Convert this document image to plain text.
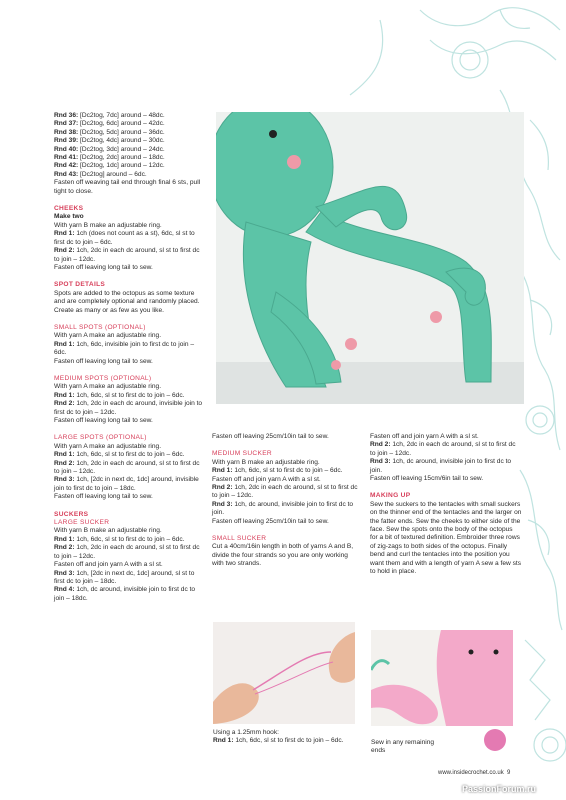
Rnd 36: [Dc2tog, 7dc] around – 48dc.

Rnd 37: [Dc2tog, 6dc] around – 42dc.

Rnd 38: [Dc2tog, 5dc] around – 36dc.

Rnd 39: [Dc2tog, 4dc] around – 30dc.

Rnd 40: [Dc2tog, 3dc] around – 24dc.

Rnd 41: [Dc2tog, 2dc] around – 18dc.

Rnd 42: [Dc2tog, 1dc] around – 12dc.

Rnd 43: [Dc2tog] around – 6dc.

Fasten off weaving tail end through final 6 sts, pull tight to close.

CHEEKS

Make two

With yarn B make an adjustable ring.

Rnd 1: 1ch (does not count as a st), 6dc, sl st to first dc to join – 6dc.

Rnd 2: 1ch, 2dc in each dc around, sl st to first dc to join – 12dc.

Fasten off leaving long tail to sew.

SPOT DETAILS

Spots are added to the octopus as some texture and are completely optional and randomly placed. Create as many or as few as you like.

SMALL SPOTS (OPTIONAL)

With yarn A make an adjustable ring.

Rnd 1: 1ch, 6dc, invisible join to first dc to join – 6dc.

Fasten off leaving long tail to sew.

MEDIUM SPOTS (OPTIONAL)

With yarn A make an adjustable ring.

Rnd 1: 1ch, 6dc, sl st to first dc to join – 6dc.

Rnd 2: 1ch, 2dc in each dc around, invisible join to first dc to join – 12dc.

Fasten off leaving long tail to sew.

LARGE SPOTS (OPTIONAL)

With yarn A make an adjustable ring.

Rnd 1: 1ch, 6dc, sl st to first dc to join – 6dc.

Rnd 2: 1ch, 2dc in each dc around, sl st to first dc to join – 12dc.

Rnd 3: 1ch, [2dc in next dc, 1dc] around, invisible join to first dc to join – 18dc.

Fasten off leaving long tail to sew.

SUCKERS

LARGE SUCKER

With yarn B make an adjustable ring.

Rnd 1: 1ch, 6dc, sl st to first dc to join – 6dc.

Rnd 2: 1ch, 2dc in each dc around, sl st to first dc to join – 12dc.

Fasten off and join yarn A with a sl st.

Rnd 3: 1ch, [2dc in next dc, 1dc] around, sl st to first dc to join – 18dc.

Rnd 4: 1ch, dc around, invisible join to first dc to join – 18dc.

Fasten off leaving 25cm/10in tail to sew.

MEDIUM SUCKER

With yarn B make an adjustable ring.

Rnd 1: 1ch, 6dc, sl st to first dc to join – 6dc.

Fasten off and join yarn A with a sl st.

Rnd 2: 1ch, 2dc in each dc around, sl st to first dc to join – 12dc.

Rnd 3: 1ch, dc around, invisible join to first dc to join.

Fasten off leaving 25cm/10in tail to sew.

SMALL SUCKER

Cut a 40cm/16in length in both of yarns A and B, divide the four strands so you are only working with two strands.

Using a 1.25mm hook:

Rnd 1: 1ch, 6dc, sl st to first dc to join – 6dc.

Fasten off and join yarn A with a sl st.

Rnd 2: 1ch, 2dc in each dc around, sl st to first dc to join – 12dc.

Rnd 3: 1ch, dc around, invisible join to first dc to join.

Fasten off leaving 15cm/6in tail to sew.

MAKING UP

Sew the suckers to the tentacles with small suckers on the thinner end of the tentacles and the larger on the fatter ends. Sew the cheeks to either side of the face. Sew the spots onto the body of the octopus for a bit of textured definition. Embroider three rows of zig-zags to both sides of the octopus. Finally bend and curl the tentacles into the position you want them and with a length of yarn A sew a few sts to hold in place.

Sew in any remaining ends

www.insidecrochet.co.uk 9
PassionForum.ru
